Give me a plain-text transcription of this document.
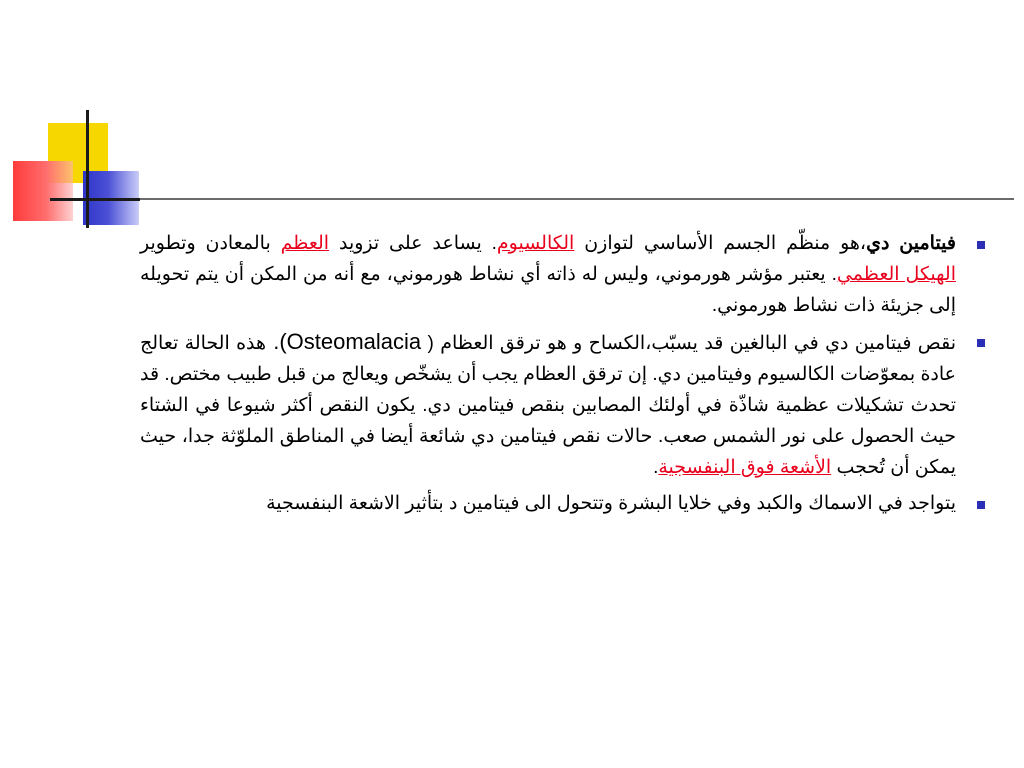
فيتامين دي،هو منظّم الجسم الأساسي لتوازن الكالسيوم. يساعد على تزويد العظم بالمعادن وتطوير الهيكل العظمي. يعتبر مؤشر هورموني، وليس له ذاته أي نشاط هورموني، مع أنه من المكن أن يتم تحويله إلى جزيئة ذات نشاط هورموني.
نقص فيتامين دي في البالغين قد يسبّب،الكساح و هو ترقق العظام ( Osteomalacia). هذه الحالة تعالج عادة بمعوّضات الكالسيوم وفيتامين دي. إن ترقق العظام يجب أن يشخّص ويعالج من قبل طبيب مختص. قد تحدث تشكيلات عظمية شاذّة في أولئك المصابين بنقص فيتامين دي. يكون النقص أكثر شيوعا في الشتاء حيث الحصول على نور الشمس صعب. حالات نقص فيتامين دي شائعة أيضا في المناطق الملوّثة جدا، حيث يمكن أن تُحجب الأشعة فوق البنفسجية.
يتواجد في الاسماك والكبد وفي خلايا البشرة وتتحول الى فيتامين د بتأثير الاشعة البنفسجية
